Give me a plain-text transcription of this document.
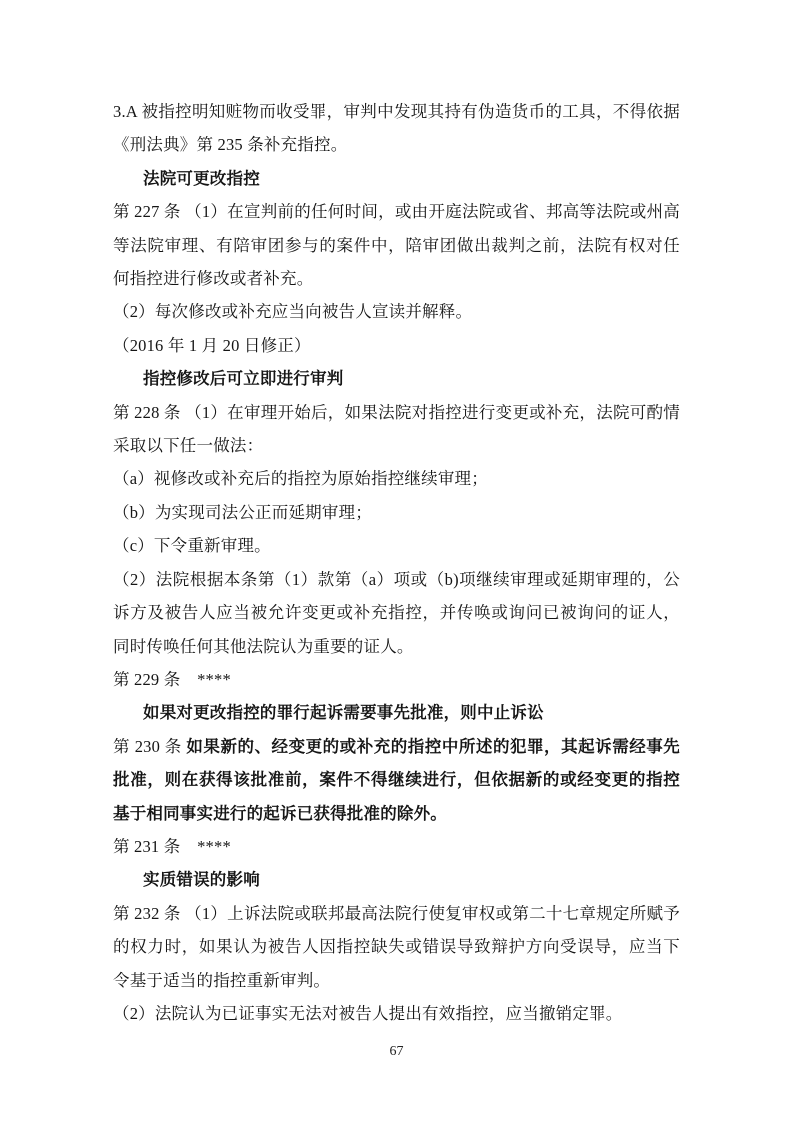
3.A 被指控明知赃物而收受罪，审判中发现其持有伪造货币的工具，不得依据《刑法典》第 235 条补充指控。

法院可更改指控

第 227 条 （1）在宣判前的任何时间，或由开庭法院或省、邦高等法院或州高等法院审理、有陪审团参与的案件中，陪审团做出裁判之前，法院有权对任何指控进行修改或者补充。

（2）每次修改或补充应当向被告人宣读并解释。

（2016 年 1 月 20 日修正）

指控修改后可立即进行审判

第 228 条 （1）在审理开始后，如果法院对指控进行变更或补充，法院可酌情采取以下任一做法：

（a）视修改或补充后的指控为原始指控继续审理；

（b）为实现司法公正而延期审理；

（c）下令重新审理。

（2）法院根据本条第（1）款第（a）项或（b)项继续审理或延期审理的，公诉方及被告人应当被允许变更或补充指控，并传唤或询问已被询问的证人，同时传唤任何其他法院认为重要的证人。

第 229 条　****

如果对更改指控的罪行起诉需要事先批准，则中止诉讼

第 230 条 如果新的、经变更的或补充的指控中所述的犯罪，其起诉需经事先批准，则在获得该批准前，案件不得继续进行，但依据新的或经变更的指控基于相同事实进行的起诉已获得批准的除外。

第 231 条　****

实质错误的影响

第 232 条 （1）上诉法院或联邦最高法院行使复审权或第二十七章规定所赋予的权力时，如果认为被告人因指控缺失或错误导致辩护方向受误导，应当下令基于适当的指控重新审判。

（2）法院认为已证事实无法对被告人提出有效指控，应当撤销定罪。

67
